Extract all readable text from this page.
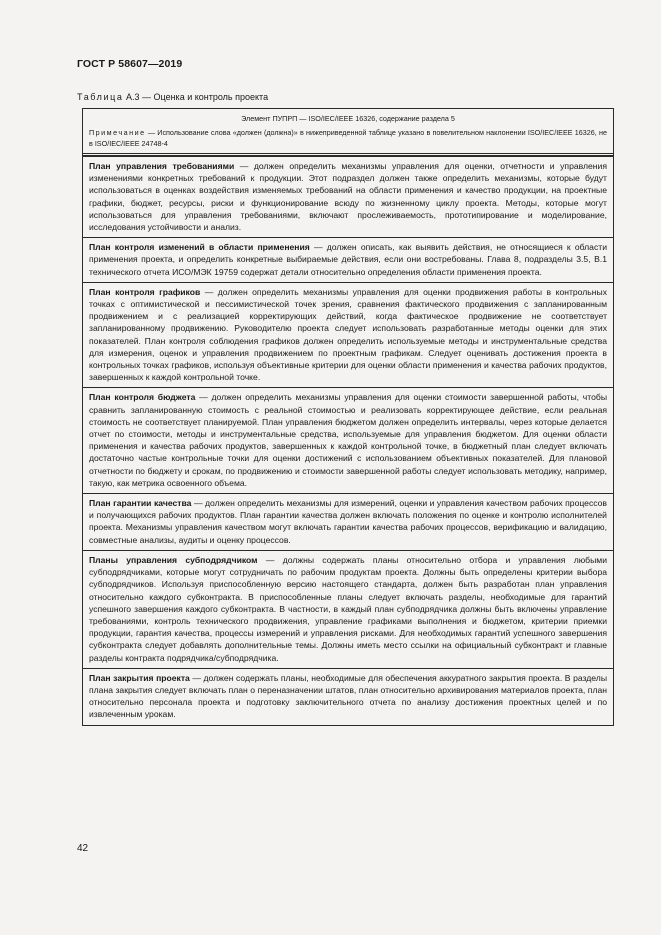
ГОСТ Р 58607—2019
Таблица А.3 — Оценка и контроль проекта
Элемент ПУПРП — ISO/IEC/IEEE 16326, содержание раздела 5
Примечание — Использование слова «должен (должна)» в нижеприведенной таблице указано в повелительном наклонении ISO/IEC/IEEE 16326, не в ISO/IEC/IEEE 24748-4
План управления требованиями — должен определить механизмы управления для оценки, отчетности и управления изменениями конкретных требований к продукции. Этот подраздел должен также определить механизмы, которые будут использоваться в оценках воздействия изменяемых требований на области применения и качество продукции, на проектные графики, бюджет, ресурсы, риски и функционирование всюду по жизненному циклу проекта. Методы, которые могут использоваться для управления требованиями, включают прослеживаемость, прототипирование и моделирование, исследования устойчивости и анализ.
План контроля изменений в области применения — должен описать, как выявить действия, не относящиеся к области применения проекта, и определить конкретные выбираемые действия, если они востребованы. Глава 8, подразделы 3.5, В.1 технического отчета ИСО/МЭК 19759 содержат детали относительно определения области применения проекта.
План контроля графиков — должен определить механизмы управления для оценки продвижения работы в контрольных точках с оптимистической и пессимистической точек зрения, сравнения фактического продвижения с запланированным продвижением и с реализацией корректирующих действий, когда фактическое продвижение не соответствует запланированному продвижению. Руководителю проекта следует использовать разработанные методы оценки для этих показателей. План контроля соблюдения графиков должен определить используемые методы и инструментальные средства для измерения, оценок и управления продвижением по проектным графикам. Следует оценивать достижения проекта в контрольных точках графиков, используя объективные критерии для оценки области применения и качества рабочих продуктов, завершенных к каждой контрольной точке.
План контроля бюджета — должен определить механизмы управления для оценки стоимости завершенной работы, чтобы сравнить запланированную стоимость с реальной стоимостью и реализовать корректирующее действие, если реальная стоимость не соответствует планируемой. План управления бюджетом должен определить интервалы, через которые делается отчет по стоимости, методы и инструментальные средства, используемые для управления бюджетом. Для оценки области применения и качества рабочих продуктов, завершенных к каждой контрольной точке, в бюджетный план следует включать достаточно частые контрольные точки для оценки достижений с использованием объективных показателей. Для плановой отчетности по бюджету и срокам, по продвижению и стоимости завершенной работы следует использовать методику, например, такую, как метрика освоенного объема.
План гарантии качества — должен определить механизмы для измерений, оценки и управления качеством рабочих процессов и получающихся рабочих продуктов. План гарантии качества должен включать положения по оценке и контролю исполнителей проекта. Механизмы управления качеством могут включать гарантии качества рабочих процессов, верификацию и валидацию, совместные анализы, аудиты и оценку процессов.
Планы управления субподрядчиком — должны содержать планы относительно отбора и управления любыми субподрядчиками, которые могут сотрудничать по рабочим продуктам проекта. Должны быть определены критерии выбора субподрядчиков. Используя приспособленную версию настоящего стандарта, должен быть разработан план управления относительно каждого субконтракта. В приспособленные планы следует включать разделы, необходимые для гарантий успешного завершения каждого субконтракта. В частности, в каждый план субподрядчика должны быть включены управление требованиями, контроль технического продвижения, управление графиками выполнения и бюджетом, критерии приемки продукции, гарантия качества, процессы измерений и управления рисками. Для необходимых гарантий успешного завершения субконтракта следует добавлять дополнительные темы. Должны иметь место ссылки на официальный субконтракт и главные разделы контракта подрядчика/субподрядчика.
План закрытия проекта — должен содержать планы, необходимые для обеспечения аккуратного закрытия проекта. В разделы плана закрытия следует включать план о переназначении штатов, план относительно архивирования материалов проекта, план относительно персонала проекта и подготовку заключительного отчета по анализу достижения проектных целей и по извлеченным урокам.
42
